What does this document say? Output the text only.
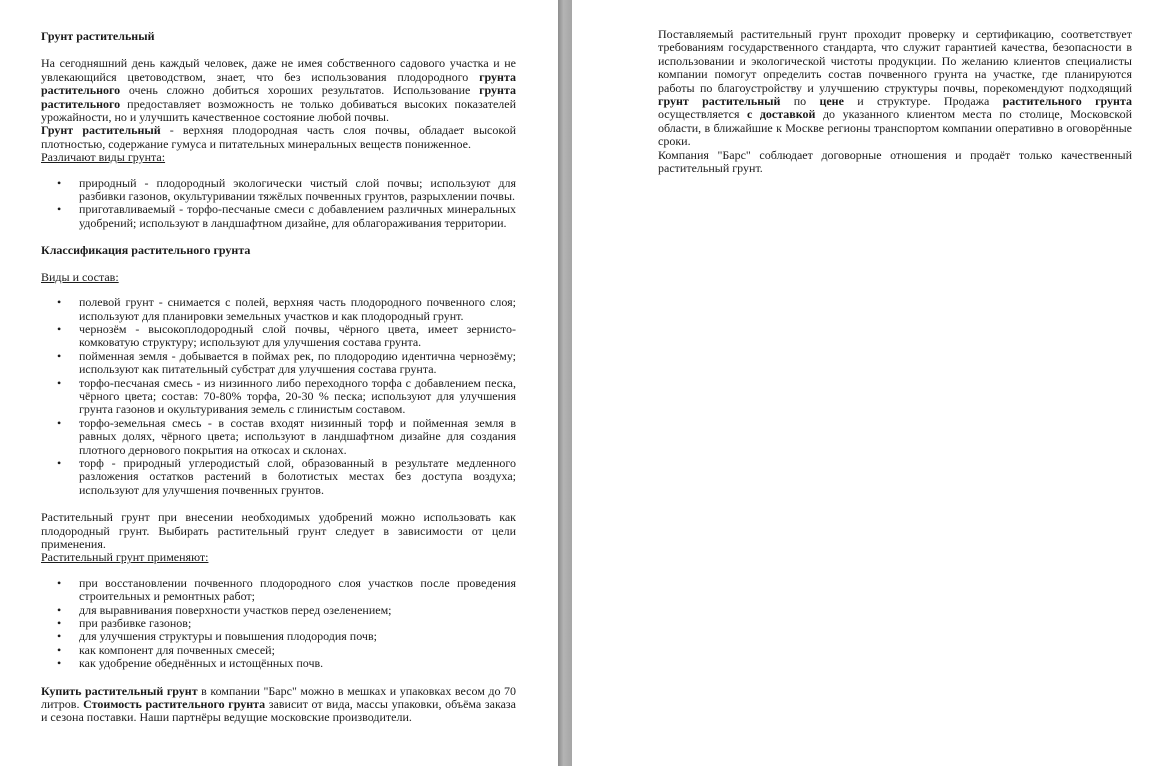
Грунт растительный

На сегодняшний день каждый человек, даже не имея собственного садового участка и не увлекающийся цветоводством, знает, что без использования плодородного грунта растительного очень сложно добиться хороших результатов. Использование грунта растительного предоставляет возможность не только добиваться высоких показателей урожайности, но и улучшить качественное состояние любой почвы.

Грунт растительный - верхняя плодородная часть слоя почвы, обладает высокой плотностью, содержание гумуса и питательных минеральных веществ пониженное.

Различают виды грунта:
• природный - плодородный экологически чистый слой почвы; используют для разбивки газонов, окультуривании тяжёлых почвенных грунтов, разрыхлении почвы.
• приготавливаемый - торфо-песчаные смеси с добавлением различных минеральных удобрений; используют в ландшафтном дизайне, для облагораживания территории.
Классификация растительного грунта
Виды и состав:
• полевой грунт - снимается с полей, верхняя часть плодородного почвенного слоя; используют для планировки земельных участков и как плодородный грунт.
• чернозём - высокоплодородный слой почвы, чёрного цвета, имеет зернисто-комковатую структуру; используют для улучшения состава грунта.
• пойменная земля - добывается в поймах рек, по плодородию идентична чернозёму; используют как питательный субстрат для улучшения состава грунта.
• торфо-песчаная смесь - из низинного либо переходного торфа с добавлением песка, чёрного цвета; состав: 70-80% торфа, 20-30 % песка; используют для улучшения грунта газонов и окультуривания земель с глинистым составом.
• торфо-земельная смесь - в состав входят низинный торф и пойменная земля в равных долях, чёрного цвета; используют в ландшафтном дизайне для создания плотного дернового покрытия на откосах и склонах.
• торф - природный углеродистый слой, образованный в результате медленного разложения остатков растений в болотистых местах без доступа воздуха; используют для улучшения почвенных грунтов.

Растительный грунт при внесении необходимых удобрений можно использовать как плодородный грунт. Выбирать растительный грунт следует в зависимости от цели применения.

Растительный грунт применяют:
• при восстановлении почвенного плодородного слоя участков после проведения строительных и ремонтных работ;
• для выравнивания поверхности участков перед озеленением;
• при разбивке газонов;
• для улучшения структуры и повышения плодородия почв;
• как компонент для почвенных смесей;
• как удобрение обеднённых и истощённых почв.

Купить растительный грунт в компании "Барс" можно в мешках и упаковках весом до 70 литров. Стоимость растительного грунта зависит от вида, массы упаковки, объёма заказа и сезона поставки. Наши партнёры ведущие московские производители.

Поставляемый растительный грунт проходит проверку и сертификацию, соответствует требованиям государственного стандарта, что служит гарантией качества, безопасности в использовании и экологической чистоты продукции. По желанию клиентов специалисты компании помогут определить состав почвенного грунта на участке, где планируются работы по благоустройству и улучшению структуры почвы, порекомендуют подходящий грунт растительный по цене и структуре. Продажа растительного грунта осуществляется с доставкой до указанного клиентом места по столице, Московской области, в ближайшие к Москве регионы транспортом компании оперативно в оговорённые сроки.

Компания "Барс" соблюдает договорные отношения и продаёт только качественный растительный грунт.
